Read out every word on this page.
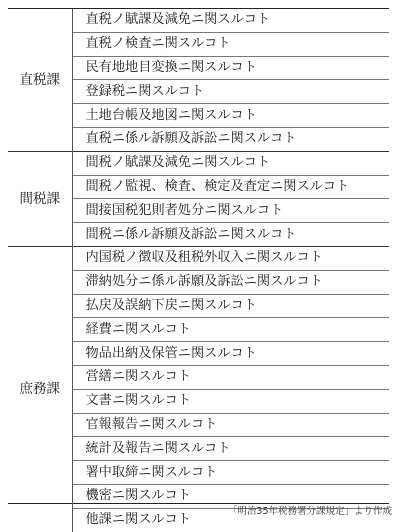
直税課	直税ノ賦課及減免ニ関スルコト
	直税ノ検査ニ関スルコト
	民有地地目変換ニ関スルコト
	登録税ニ関スルコト
	土地台帳及地図ニ関スルコト
	直税ニ係ル訴願及訴訟ニ関スルコト
間税課	間税ノ賦課及減免ニ関スルコト
	間税ノ監視、検査、検定及査定ニ関スルコト
	間接国税犯則者処分ニ関スルコト
	間税ニ係ル訴願及訴訟ニ関スルコト
庶務課	内国税ノ徴収及租税外収入ニ関スルコト
	滞納処分ニ係ル訴願及訴訟ニ関スルコト
	払戻及誤納下戻ニ関スルコト
	経費ニ関スルコト
	物品出納及保管ニ関スルコト
	営繕ニ関スルコト
	文書ニ関スルコト
	官報報告ニ関スルコト
	統計及報告ニ関スルコト
	署中取締ニ関スルコト
	機密ニ関スルコト
	他課ニ関スルコト
「明治35年税務署分課規定」より作成
